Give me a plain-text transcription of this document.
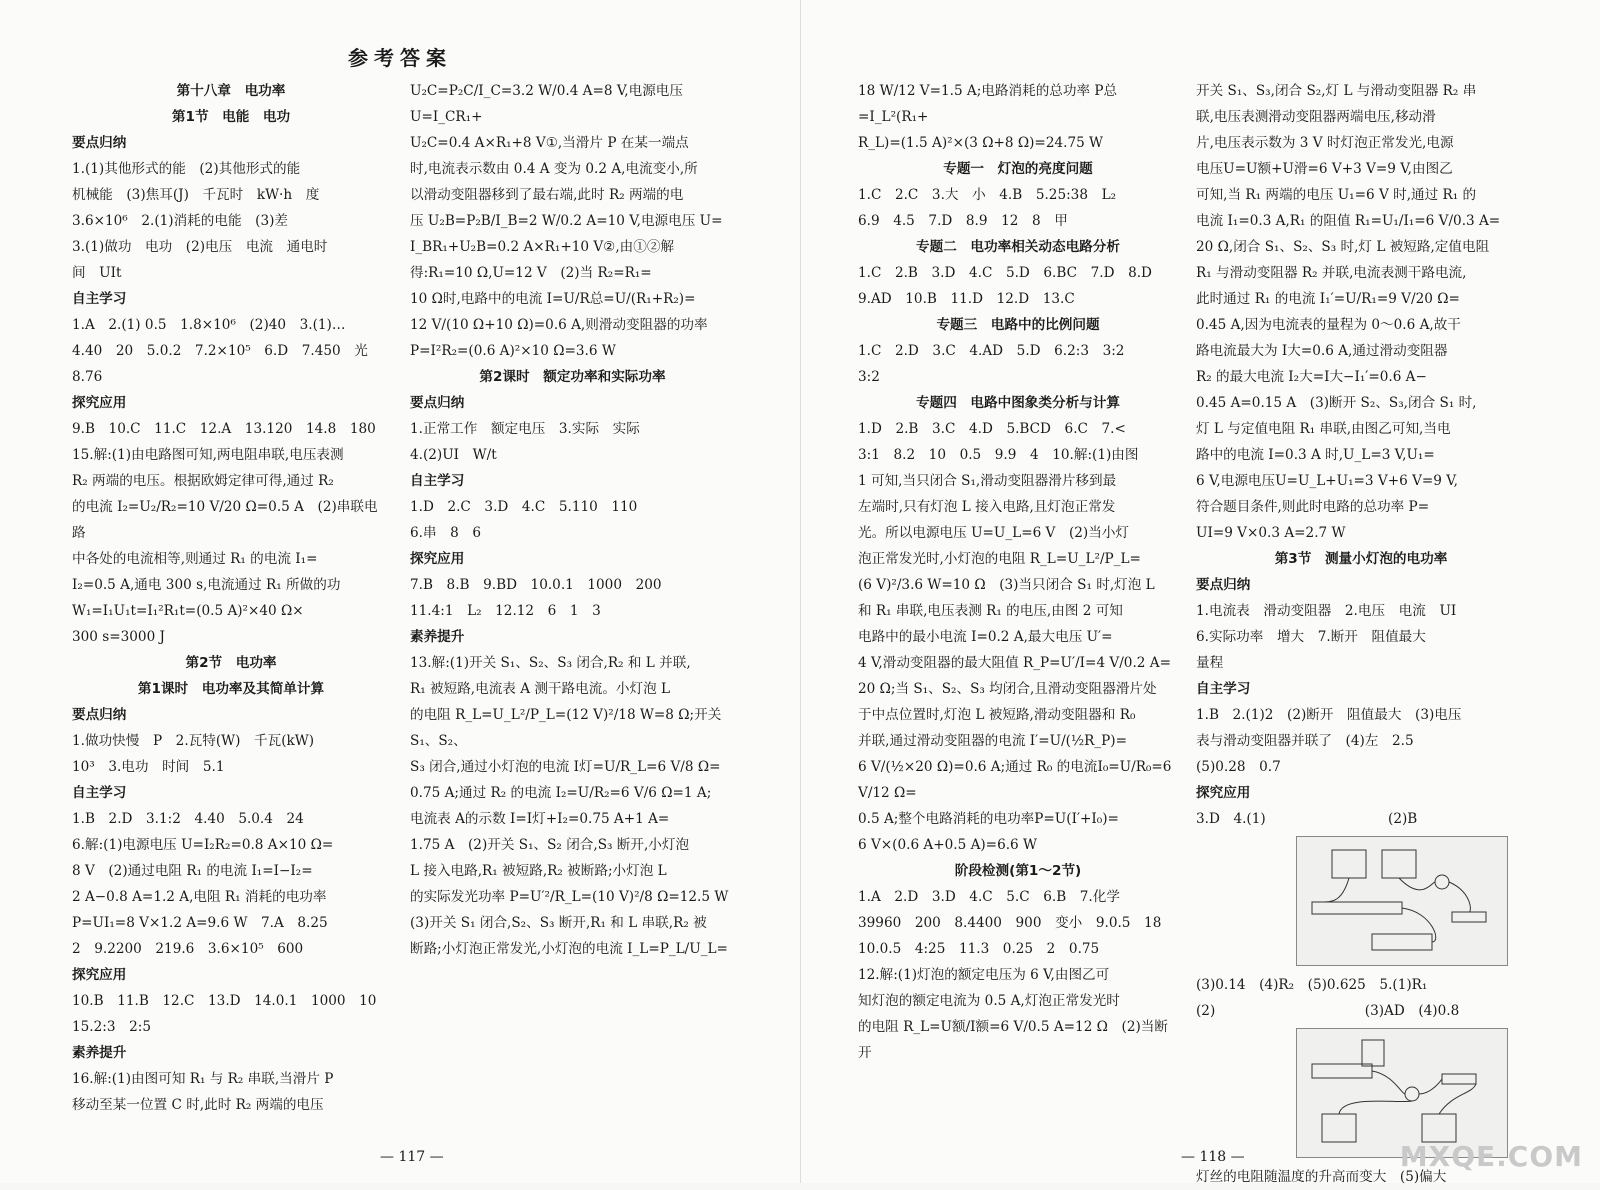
参考答案

第十八章　电功率

第1节　电能　电功

要点归纳

1.(1)其他形式的能　(2)其他形式的能

机械能　(3)焦耳(J)　千瓦时　kW·h　度

3.6×10⁶　2.(1)消耗的电能　(3)差

3.(1)做功　电功　(2)电压　电流　通电时

间　UIt

自主学习

1.A　2.(1) 0.5　1.8×10⁶　(2)40　3.(1)…

4.40　20　5.0.2　7.2×10⁵　6.D　7.450　光

8.76

探究应用

9.B　10.C　11.C　12.A　13.120　14.8　180

15.解:(1)由电路图可知,两电阻串联,电压表测

R₂ 两端的电压。根据欧姆定律可得,通过 R₂

的电流 I₂=U₂/R₂=10 V/20 Ω=0.5 A　(2)串联电路

中各处的电流相等,则通过 R₁ 的电流 I₁=

I₂=0.5 A,通电 300 s,电流通过 R₁ 所做的功

W₁=I₁U₁t=I₁²R₁t=(0.5 A)²×40 Ω×

300 s=3000 J

第2节　电功率

第1课时　电功率及其简单计算

要点归纳

1.做功快慢　P　2.瓦特(W)　千瓦(kW)

10³　3.电功　时间　5.1

自主学习

1.B　2.D　3.1:2　4.40　5.0.4　24

6.解:(1)电源电压 U=I₂R₂=0.8 A×10 Ω=

8 V　(2)通过电阻 R₁ 的电流 I₁=I−I₂=

2 A−0.8 A=1.2 A,电阻 R₁ 消耗的电功率

P=UI₁=8 V×1.2 A=9.6 W　7.A　8.25

2　9.2200　219.6　3.6×10⁵　600

探究应用

10.B　11.B　12.C　13.D　14.0.1　1000　10

15.2:3　2:5

素养提升

16.解:(1)由图可知 R₁ 与 R₂ 串联,当滑片 P

移动至某一位置 C 时,此时 R₂ 两端的电压

U₂C=P₂C/I_C=3.2 W/0.4 A=8 V,电源电压 U=I_CR₁+

U₂C=0.4 A×R₁+8 V①,当滑片 P 在某一端点

时,电流表示数由 0.4 A 变为 0.2 A,电流变小,所

以滑动变阻器移到了最右端,此时 R₂ 两端的电

压 U₂B=P₂B/I_B=2 W/0.2 A=10 V,电源电压 U=

I_BR₁+U₂B=0.2 A×R₁+10 V②,由①②解

得:R₁=10 Ω,U=12 V　(2)当 R₂=R₁=

10 Ω时,电路中的电流 I=U/R总=U/(R₁+R₂)=

12 V/(10 Ω+10 Ω)=0.6 A,则滑动变阻器的功率

P=I²R₂=(0.6 A)²×10 Ω=3.6 W

第2课时　额定功率和实际功率

要点归纳

1.正常工作　额定电压　3.实际　实际

4.(2)UI　W/t

自主学习

1.D　2.C　3.D　4.C　5.110　110

6.串　8　6

探究应用

7.B　8.B　9.BD　10.0.1　1000　200

11.4:1　L₂　12.12　6　1　3

素养提升

13.解:(1)开关 S₁、S₂、S₃ 闭合,R₂ 和 L 并联,

R₁ 被短路,电流表 A 测干路电流。小灯泡 L

的电阻 R_L=U_L²/P_L=(12 V)²/18 W=8 Ω;开关 S₁、S₂、

S₃ 闭合,通过小灯泡的电流 I灯=U/R_L=6 V/8 Ω=

0.75 A;通过 R₂ 的电流 I₂=U/R₂=6 V/6 Ω=1 A;

电流表 A的示数 I=I灯+I₂=0.75 A+1 A=

1.75 A　(2)开关 S₁、S₂ 闭合,S₃ 断开,小灯泡

L 接入电路,R₁ 被短路,R₂ 被断路;小灯泡 L

的实际发光功率 P=U′²/R_L=(10 V)²/8 Ω=12.5 W

(3)开关 S₁ 闭合,S₂、S₃ 断开,R₁ 和 L 串联,R₂ 被

断路;小灯泡正常发光,小灯泡的电流 I_L=P_L/U_L=

— 117 —

18 W/12 V=1.5 A;电路消耗的总功率 P总=I_L²(R₁+

R_L)=(1.5 A)²×(3 Ω+8 Ω)=24.75 W

专题一　灯泡的亮度问题

1.C　2.C　3.大　小　4.B　5.25:38　L₂

6.9　4.5　7.D　8.9　12　8　甲

专题二　电功率相关动态电路分析

1.C　2.B　3.D　4.C　5.D　6.BC　7.D　8.D

9.AD　10.B　11.D　12.D　13.C

专题三　电路中的比例问题

1.C　2.D　3.C　4.AD　5.D　6.2:3　3:2

3:2

专题四　电路中图象类分析与计算

1.D　2.B　3.C　4.D　5.BCD　6.C　7.<

3:1　8.2　10　0.5　9.9　4　10.解:(1)由图

1 可知,当只闭合 S₁,滑动变阻器滑片移到最

左端时,只有灯泡 L 接入电路,且灯泡正常发

光。所以电源电压 U=U_L=6 V　(2)当小灯

泡正常发光时,小灯泡的电阻 R_L=U_L²/P_L=

(6 V)²/3.6 W=10 Ω　(3)当只闭合 S₁ 时,灯泡 L

和 R₁ 串联,电压表测 R₁ 的电压,由图 2 可知

电路中的最小电流 I=0.2 A,最大电压 U′=

4 V,滑动变阻器的最大阻值 R_P=U′/I=4 V/0.2 A=

20 Ω;当 S₁、S₂、S₃ 均闭合,且滑动变阻器滑片处

于中点位置时,灯泡 L 被短路,滑动变阻器和 R₀

并联,通过滑动变阻器的电流 I′=U/(½R_P)=

6 V/(½×20 Ω)=0.6 A;通过 R₀ 的电流I₀=U/R₀=6 V/12 Ω=

0.5 A;整个电路消耗的电功率P=U(I′+I₀)=

6 V×(0.6 A+0.5 A)=6.6 W

阶段检测(第1～2节)

1.A　2.D　3.D　4.C　5.C　6.B　7.化学

39960　200　8.4400　900　变小　9.0.5　18

10.0.5　4:25　11.3　0.25　2　0.75

12.解:(1)灯泡的额定电压为 6 V,由图乙可

知灯泡的额定电流为 0.5 A,灯泡正常发光时

的电阻 R_L=U额/I额=6 V/0.5 A=12 Ω　(2)当断开

开关 S₁、S₃,闭合 S₂,灯 L 与滑动变阻器 R₂ 串

联,电压表测滑动变阻器两端电压,移动滑

片,电压表示数为 3 V 时灯泡正常发光,电源

电压U=U额+U滑=6 V+3 V=9 V,由图乙

可知,当 R₁ 两端的电压 U₁=6 V 时,通过 R₁ 的

电流 I₁=0.3 A,R₁ 的阻值 R₁=U₁/I₁=6 V/0.3 A=

20 Ω,闭合 S₁、S₂、S₃ 时,灯 L 被短路,定值电阻

R₁ 与滑动变阻器 R₂ 并联,电流表测干路电流,

此时通过 R₁ 的电流 I₁′=U/R₁=9 V/20 Ω=

0.45 A,因为电流表的量程为 0～0.6 A,故干

路电流最大为 I大=0.6 A,通过滑动变阻器

R₂ 的最大电流 I₂大=I大−I₁′=0.6 A−

0.45 A=0.15 A　(3)断开 S₂、S₃,闭合 S₁ 时,

灯 L 与定值电阻 R₁ 串联,由图乙可知,当电

路中的电流 I=0.3 A 时,U_L=3 V,U₁=

6 V,电源电压U=U_L+U₁=3 V+6 V=9 V,

符合题目条件,则此时电路的总功率 P=

UI=9 V×0.3 A=2.7 W

第3节　测量小灯泡的电功率

要点归纳

1.电流表　滑动变阻器　2.电压　电流　UI

6.实际功率　增大　7.断开　阻值最大

量程

自主学习

1.B　2.(1)2　(2)断开　阻值最大　(3)电压

表与滑动变阻器并联了　(4)左　2.5

(5)0.28　0.7

探究应用

3.D　4.(1)　　　　　　　　　(2)B

(3)0.14　(4)R₂　(5)0.625　5.(1)R₁

(2)　　　　　　　　　　　(3)AD　(4)0.8

灯丝的电阻随温度的升高而变大　(5)偏大

— 118 —	MXQE.COM
